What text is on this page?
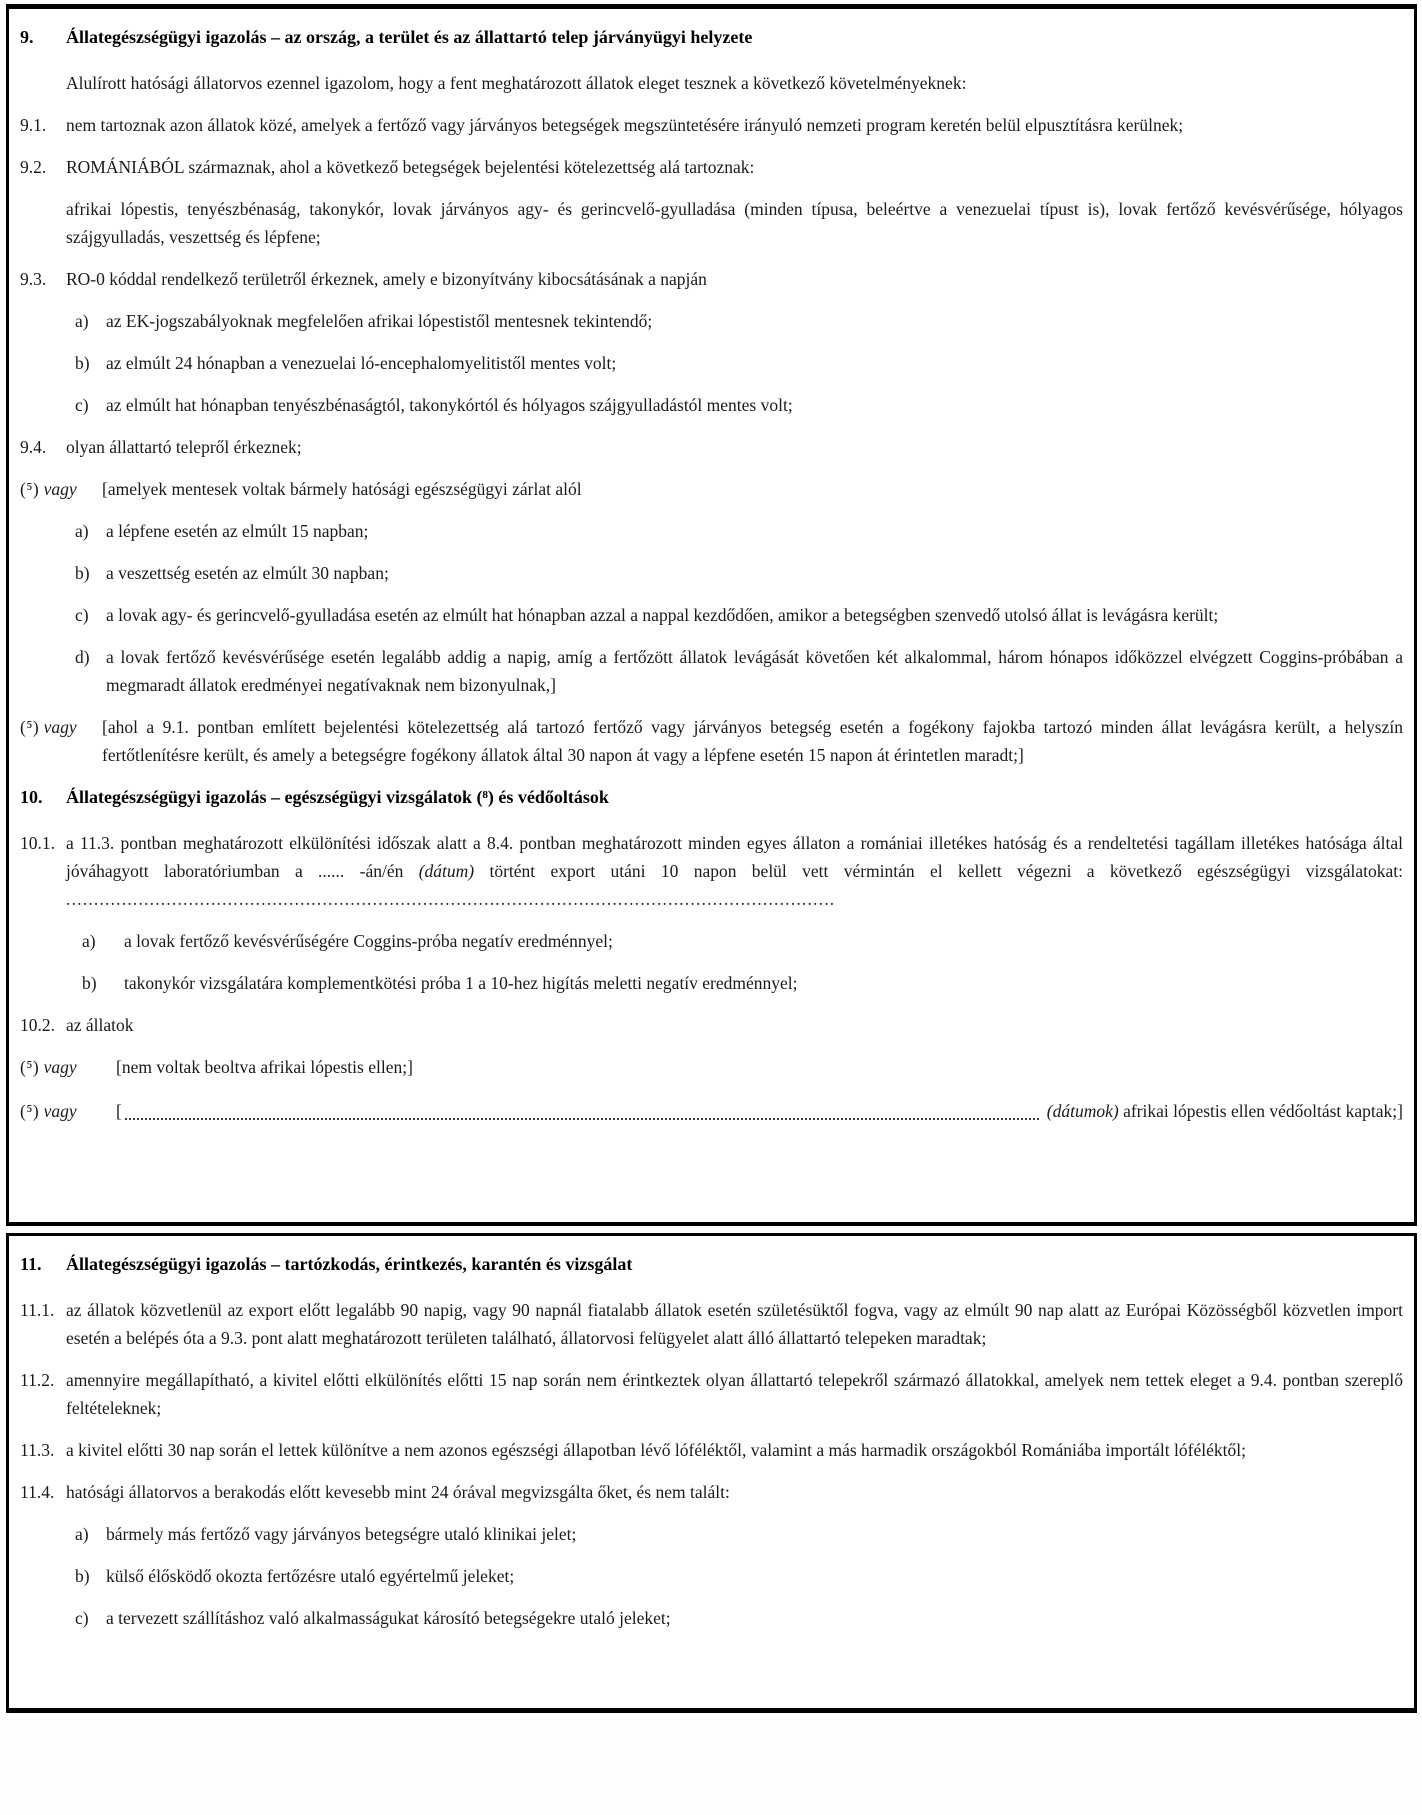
9.	Állategészségügyi igazolás – az ország, a terület és az állattartó telep járványügyi helyzete
Alulírott hatósági állatorvos ezennel igazolom, hogy a fent meghatározott állatok eleget tesznek a következő követelményeknek:
9.1.	nem tartoznak azon állatok közé, amelyek a fertőző vagy járványos betegségek megszüntetésére irányuló nemzeti program keretén belül elpusztításra kerülnek;
9.2.	ROMÁNIÁBÓL származnak, ahol a következő betegségek bejelentési kötelezettség alá tartoznak:
afrikai lópestis, tenyészbénaság, takonykór, lovak járványos agy- és gerincvelő-gyulladása (minden típusa, beleértve a venezuelai típust is), lovak fertőző kevésvérűsége, hólyagos szájgyulladás, veszettség és lépfene;
9.3.	RO-0 kóddal rendelkező területről érkeznek, amely e bizonyítvány kibocsátásának a napján
a) az EK-jogszabályoknak megfelelően afrikai lópestistől mentesnek tekintendő;
b) az elmúlt 24 hónapban a venezuelai ló-encephalomyelitistől mentes volt;
c) az elmúlt hat hónapban tenyészbénaságtól, takonykórtól és hólyagos szájgyulladástól mentes volt;
9.4.	olyan állattartó telepről érkeznek;
(⁵) vagy	[amelyek mentesek voltak bármely hatósági egészségügyi zárlat alól
a) a lépfene esetén az elmúlt 15 napban;
b) a veszettség esetén az elmúlt 30 napban;
c) a lovak agy- és gerincvelő-gyulladása esetén az elmúlt hat hónapban azzal a nappal kezdődően, amikor a betegségben szenvedő utolsó állat is levágásra került;
d) a lovak fertőző kevésvérűsége esetén legalább addig a napig, amíg a fertőzött állatok levágását követően két alkalommal, három hónapos időközzel elvégzett Coggins-próbában a megmaradt állatok eredményei negatívaknak nem bizonyulnak,]
(⁵) vagy	[ahol a 9.1. pontban említett bejelentési kötelezettség alá tartozó fertőző vagy járványos betegség esetén a fogékony fajokba tartozó minden állat levágásra került, a helyszín fertőtlenítésre került, és amely a betegségre fogékony állatok által 30 napon át vagy a lépfene esetén 15 napon át érintetlen maradt;]
10.	Állategészségügyi igazolás – egészségügyi vizsgálatok (⁸) és védőoltások
10.1. a 11.3. pontban meghatározott elkülönítési időszak alatt a 8.4. pontban meghatározott minden egyes állaton a romániai illetékes hatóság és a rendeltetési tagállam illetékes hatósága által jóváhagyott laboratóriumban a ...... -án/én (dátum) történt export utáni 10 napon belül vett vérmintán el kellett végezni a következő egészségügyi vizsgálatokat: ..........................................................................................................................................
a)	a lovak fertőző kevésvérűségére Coggins-próba negatív eredménnyel;
b)	takonykór vizsgálatára komplementkötési próba 1 a 10-hez higítás meletti negatív eredménnyel;
10.2. az állatok
(⁵) vagy	[nem voltak beoltva afrikai lópestis ellen;]
(⁵) vagy	[	(dátumok)
afrikai lópestis ellen védőoltást kaptak;]
11.	Állategészségügyi igazolás – tartózkodás, érintkezés, karantén és vizsgálat
11.1. az állatok közvetlenül az export előtt legalább 90 napig, vagy 90 napnál fiatalabb állatok esetén születésüktől fogva, vagy az elmúlt 90 nap alatt az Európai Közösségből közvetlen import esetén a belépés óta a 9.3. pont alatt meghatározott területen található, állatorvosi felügyelet alatt álló állattartó telepeken maradtak;
11.2. amennyire megállapítható, a kivitel előtti elkülönítés előtti 15 nap során nem érintkeztek olyan állattartó telepekről származó állatokkal, amelyek nem tettek eleget a 9.4. pontban szereplő feltételeknek;
11.3. a kivitel előtti 30 nap során el lettek különítve a nem azonos egészségi állapotban lévő lóféléktől, valamint a más harmadik országokból Romániába importált lóféléktől;
11.4. hatósági állatorvos a berakodás előtt kevesebb mint 24 órával megvizsgálta őket, és nem talált:
a) bármely más fertőző vagy járványos betegségre utaló klinikai jelet;
b) külső élősködő okozta fertőzésre utaló egyértelmű jeleket;
c) a tervezett szállításhoz való alkalmasságukat károsító betegségekre utaló jeleket;
